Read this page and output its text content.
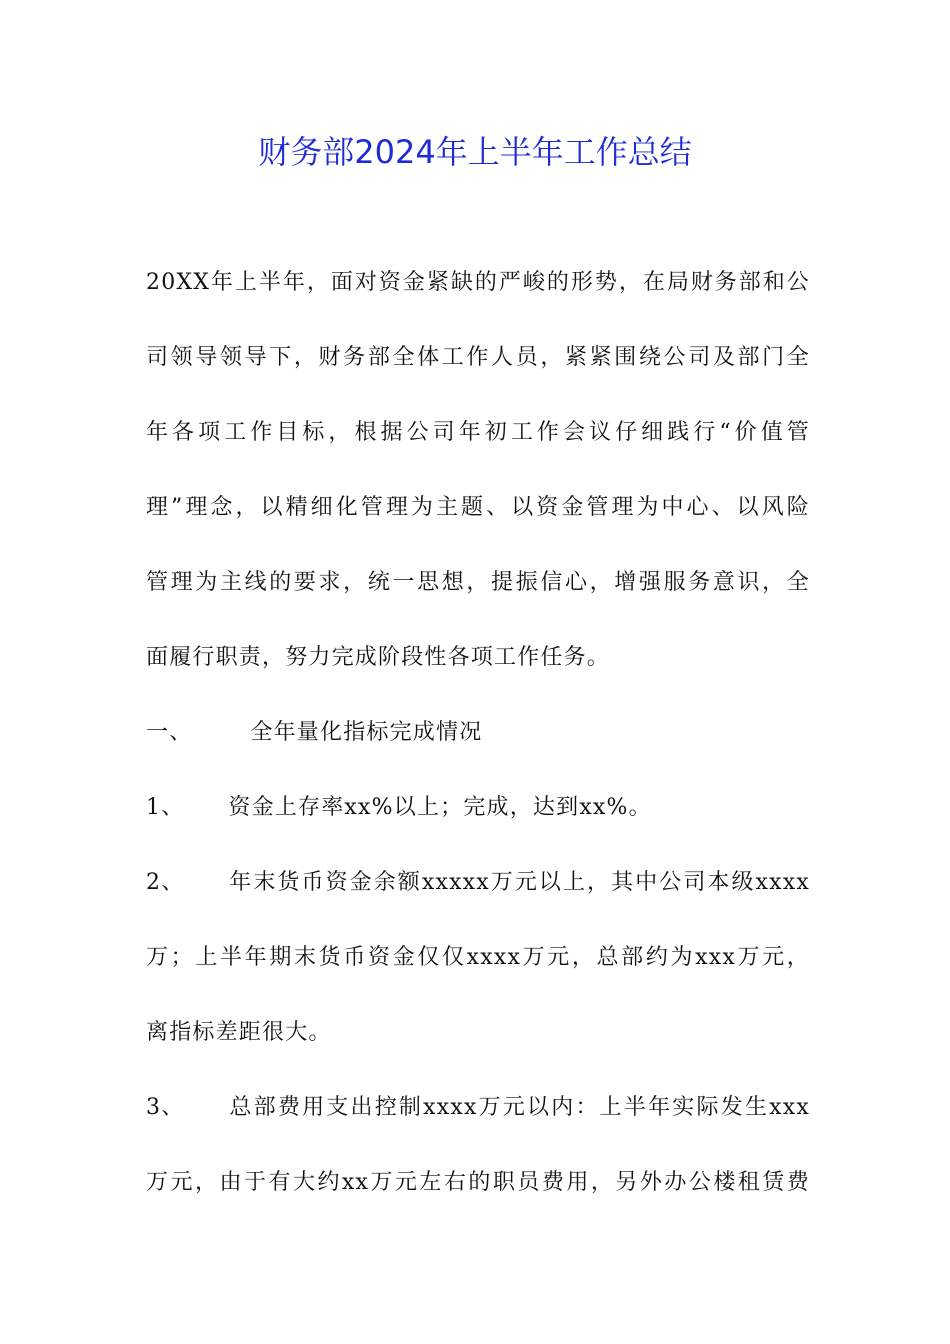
财务部2024年上半年工作总结
20XX年上半年，面对资金紧缺的严峻的形势，在局财务部和公
司领导领导下，财务部全体工作人员，紧紧围绕公司及部门全
年各项工作目标，根据公司年初工作会议仔细践行“价值管
理”理念，以精细化管理为主题、以资金管理为中心、以风险
管理为主线的要求，统一思想，提振信心，增强服务意识，全
面履行职责，努力完成阶段性各项工作任务。
一、	全年量化指标完成情况
1、 资金上存率xx%以上；完成，达到xx%。
2、 年末货币资金余额xxxxx万元以上，其中公司本级xxxx
万；上半年期末货币资金仅仅xxxx万元，总部约为xxx万元，
离指标差距很大。
3、 总部费用支出控制xxxx万元以内：上半年实际发生xxx
万元，由于有大约xx万元左右的职员费用，另外办公楼租赁费
